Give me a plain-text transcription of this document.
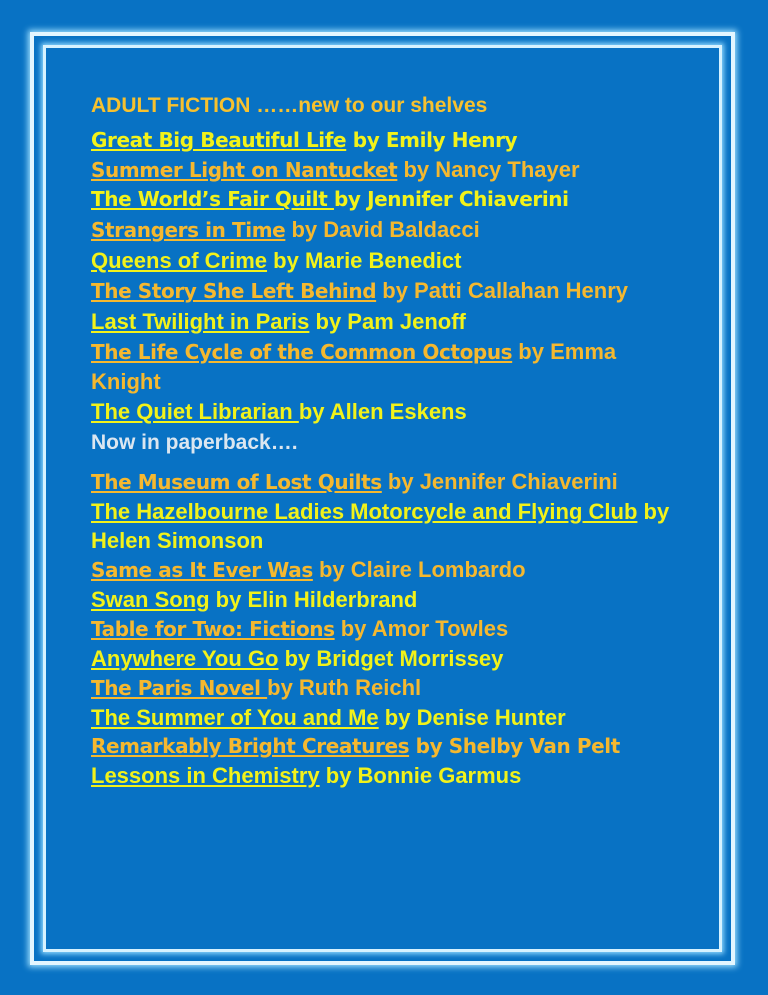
ADULT FICTION ……new to our shelves
Great Big Beautiful Life by Emily Henry
Summer Light on Nantucket by Nancy Thayer
The World’s Fair Quilt by Jennifer Chiaverini
Strangers in Time by David Baldacci
Queens of Crime by Marie Benedict
The Story She Left Behind by Patti Callahan Henry
Last Twilight in Paris by Pam Jenoff
The Life Cycle of the Common Octopus by Emma Knight
The Quiet Librarian by Allen Eskens
Now in paperback….
The Museum of Lost Quilts by Jennifer Chiaverini
The Hazelbourne Ladies Motorcycle and Flying Club by Helen Simonson
Same as It Ever Was by Claire Lombardo
Swan Song by Elin Hilderbrand
Table for Two: Fictions by Amor Towles
Anywhere You Go by Bridget Morrissey
The Paris Novel by Ruth Reichl
The Summer of You and Me by Denise Hunter
Remarkably Bright Creatures by Shelby Van Pelt
Lessons in Chemistry by Bonnie Garmus
